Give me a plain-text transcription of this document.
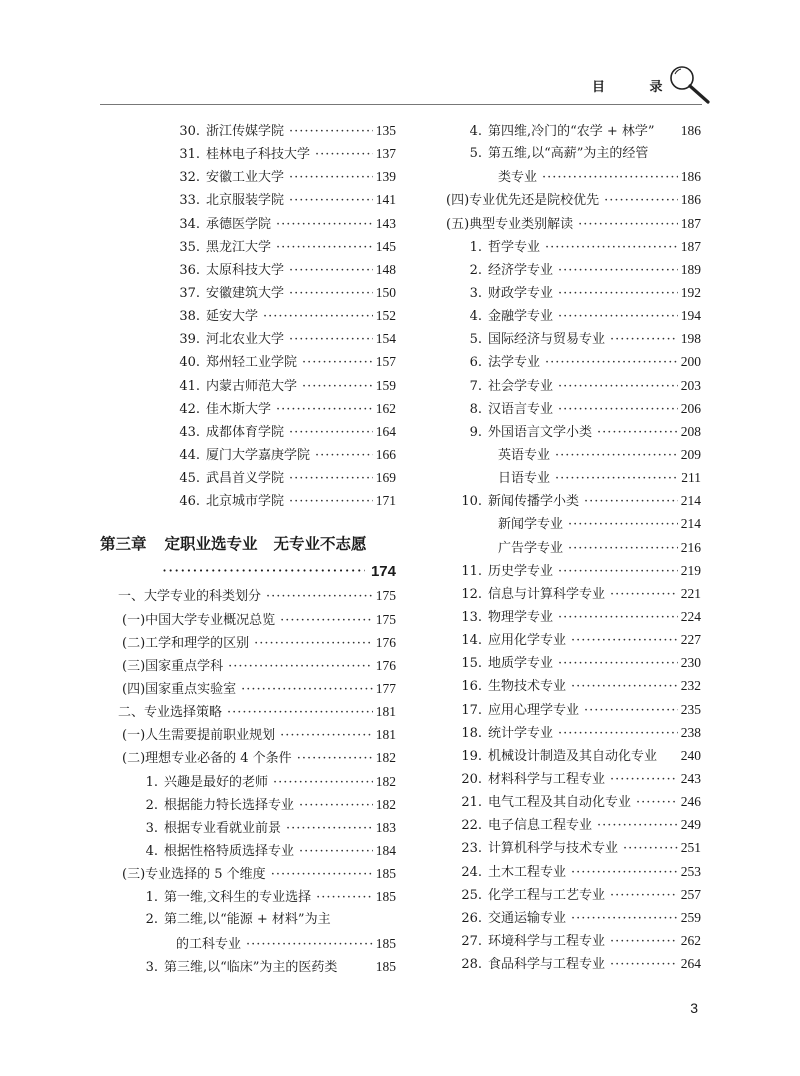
目 录
30. 浙江传媒学院 ·····	135
31. 桂林电子科技大学 ·····	137
32. 安徽工业大学 ·····	139
33. 北京服装学院 ·····	141
34. 承德医学院 ·····	143
35. 黑龙江大学 ·····	145
36. 太原科技大学 ·····	148
37. 安徽建筑大学 ·····	150
38. 延安大学 ·····	152
39. 河北农业大学 ·····	154
40. 郑州轻工业学院 ·····	157
41. 内蒙古师范大学 ·····	159
42. 佳木斯大学 ·····	162
43. 成都体育学院 ·····	164
44. 厦门大学嘉庚学院 ·····	166
45. 武昌首义学院 ·····	169
46. 北京城市学院 ·····	171
第三章 定职业选专业 无专业不志愿
·····
174
一、大学专业的科类划分 ·····	175
(一)中国大学专业概况总览 ·····	175
(二)工学和理学的区别 ·····	176
(三)国家重点学科 ·····	176
(四)国家重点实验室 ·····	177
二、专业选择策略 ·····	181
(一)人生需要提前职业规划 ·····	181
(二)理想专业必备的 4 个条件 ·····	182
1. 兴趣是最好的老师 ·····	182
2. 根据能力特长选择专业 ·····	182
3. 根据专业看就业前景 ·····	183
4. 根据性格特质选择专业 ·····	184
(三)专业选择的 5 个维度 ·····	185
1. 第一维,文科生的专业选择 ·····	185
2. 第二维,以“能源 + 材料”为主
的工科专业 ·····	185
3. 第三维,以“临床”为主的医药类	185
4. 第四维,冷门的“农学 + 林学” 186
5. 第五维,以“高薪”为主的经管
类专业 ·····	186
(四)专业优先还是院校优先 ·····	186
(五)典型专业类别解读 ·····	187
1. 哲学专业 ·····	187
2. 经济学专业 ·····	189
3. 财政学专业 ·····	192
4. 金融学专业 ·····	194
5. 国际经济与贸易专业 ·····	198
6. 法学专业 ·····	200
7. 社会学专业 ·····	203
8. 汉语言专业 ·····	206
9. 外国语言文学小类 ·····	208
英语专业 ·····	209
日语专业 ·····	211
10. 新闻传播学小类 ·····	214
新闻学专业 ·····	214
广告学专业 ·····	216
11. 历史学专业 ·····	219
12. 信息与计算科学专业 ·····	221
13. 物理学专业 ·····	224
14. 应用化学专业 ·····	227
15. 地质学专业 ·····	230
16. 生物技术专业 ·····	232
17. 应用心理学专业 ·····	235
18. 统计学专业 ·····	238
19. 机械设计制造及其自动化专业 240
20. 材料科学与工程专业 ·····	243
21. 电气工程及其自动化专业 ·····	246
22. 电子信息工程专业 ·····	249
23. 计算机科学与技术专业 ·····	251
24. 土木工程专业 ·····	253
25. 化学工程与工艺专业 ·····	257
26. 交通运输专业 ·····	259
27. 环境科学与工程专业 ·····	262
28. 食品科学与工程专业 ·····	264
3
